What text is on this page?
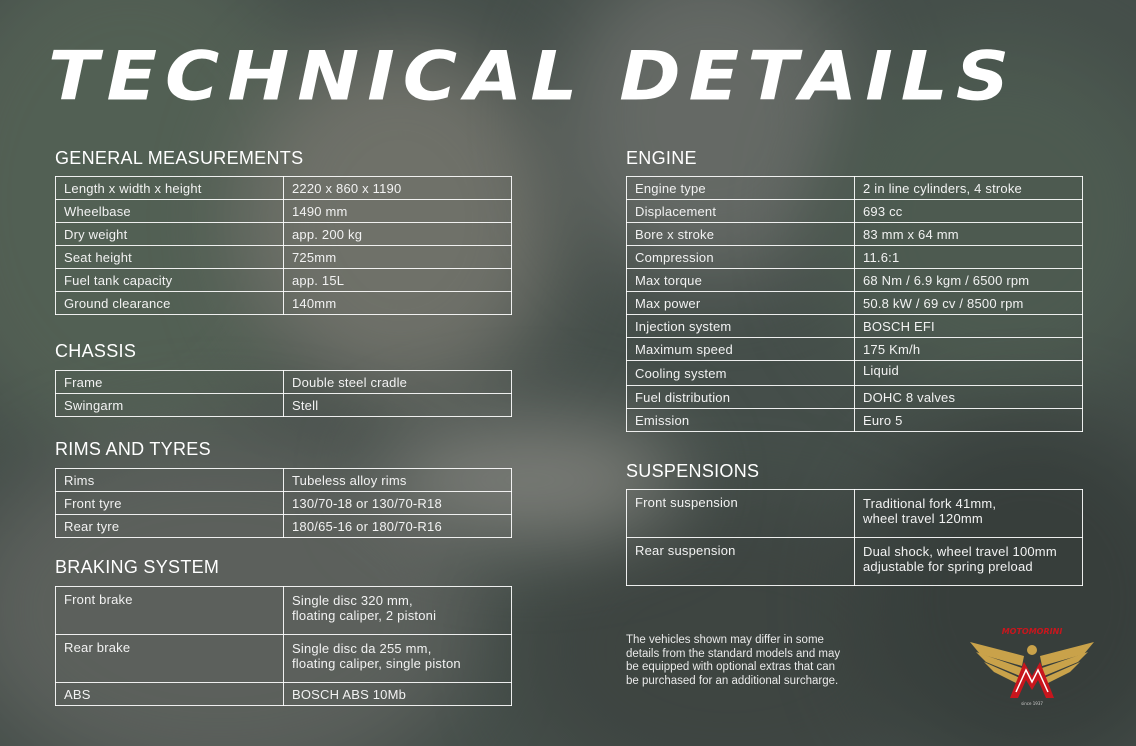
TECHNICAL DETAILS
GENERAL MEASUREMENTS
Length x width x height	2220 x 860 x 1190
Wheelbase	1490 mm
Dry weight	app. 200 kg
Seat height	725mm
Fuel tank capacity	app. 15L
Ground clearance	140mm
CHASSIS
Frame	Double steel cradle
Swingarm	Stell
RIMS AND TYRES
Rims	Tubeless alloy rims
Front tyre	130/70-18 or 130/70-R18
Rear tyre	180/65-16 or 180/70-R16
BRAKING SYSTEM
Front brake	Single disc 320 mm,
floating caliper, 2 pistoni

Rear brake	Single disc da 255 mm,
floating caliper, single piston

ABS	BOSCH ABS 10Mb
ENGINE
Engine type	2 in line cylinders, 4 stroke
Displacement	693 cc
Bore x stroke	83 mm x 64 mm
Compression	11.6:1
Max torque	68 Nm / 6.9 kgm / 6500 rpm
Max power	50.8 kW / 69 cv / 8500 rpm
Injection system	BOSCH EFI
Maximum speed	175 Km/h
Cooling system	Liquid
Fuel distribution	DOHC 8 valves
Emission	Euro 5
SUSPENSIONS
Front suspension	Traditional fork 41mm,
wheel travel 120mm

Rear suspension	Dual shock, wheel travel 100mm
adjustable for spring preload
The vehicles shown may differ in some
details from the standard models and may
be equipped with optional extras that can
be purchased for an additional surcharge.
MOTOMORINI
since 1937
